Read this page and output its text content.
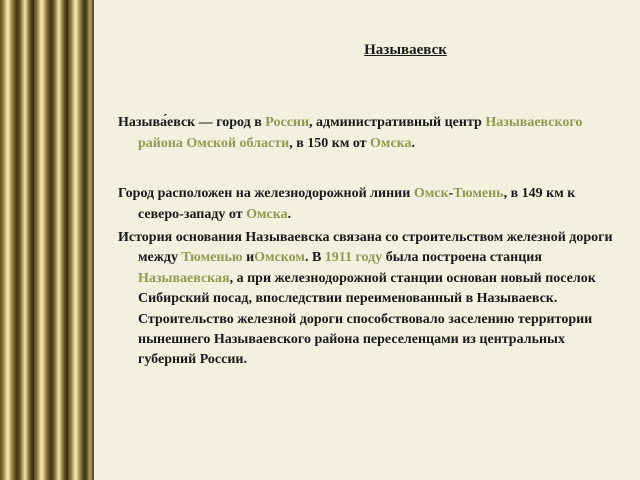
Называевск
Называ́евск — город в России, административный центр Называевского района Омской области, в 150 км от Омска.
Город расположен на железнодорожной линии Омск-Тюмень, в 149 км к северо-западу от Омска.
История основания Называевска связана со строительством железной дороги между Тюменью иОмском. В 1911 году была построена станция Называевская, а при железнодорожной станции основан новый поселок Сибирский посад, впоследствии переименованный в Называевск. Строительство железной дороги способствовало заселению территории нынешнего Называевского района переселенцами из центральных губерний России.
